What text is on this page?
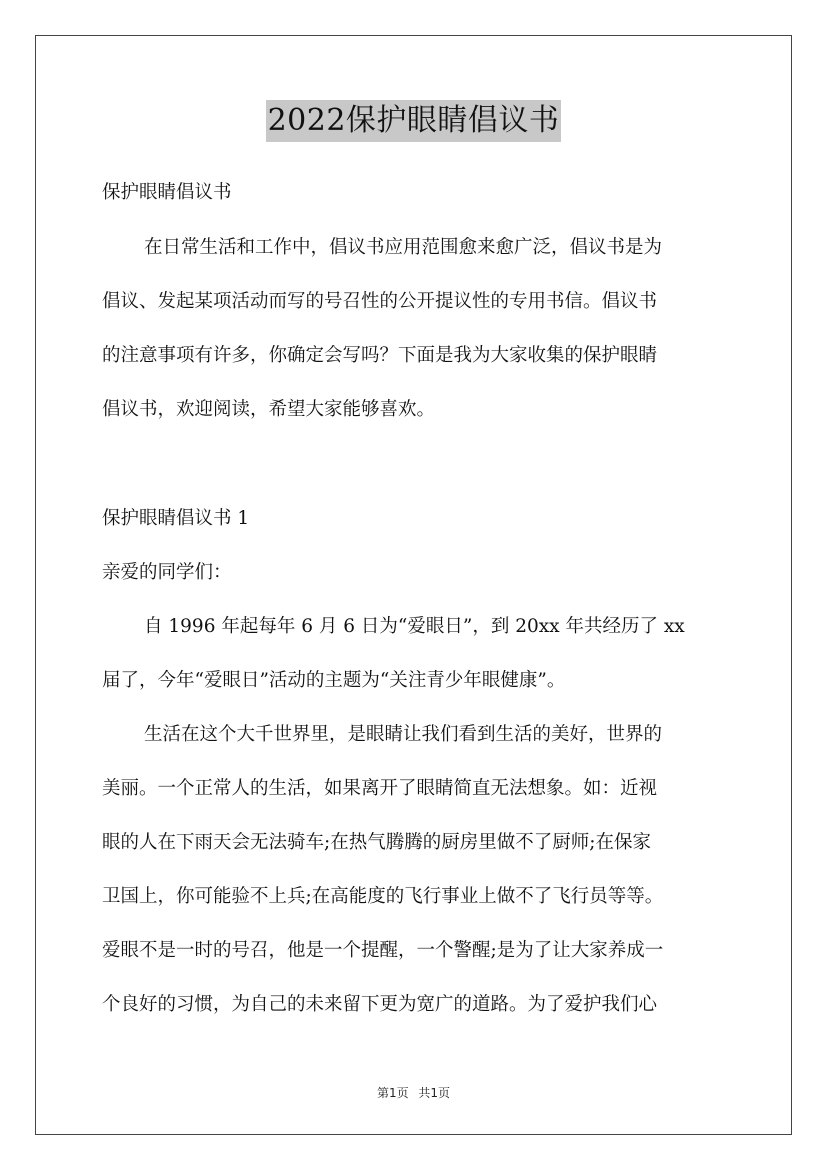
2022保护眼睛倡议书
保护眼睛倡议书
在日常生活和工作中，倡议书应用范围愈来愈广泛，倡议书是为
倡议、发起某项活动而写的号召性的公开提议性的专用书信。倡议书
的注意事项有许多，你确定会写吗？下面是我为大家收集的保护眼睛
倡议书，欢迎阅读，希望大家能够喜欢。
保护眼睛倡议书 1
亲爱的同学们：
自 1996 年起每年 6 月 6 日为“爱眼日”，到 20xx 年共经历了 xx
届了，今年“爱眼日”活动的主题为“关注青少年眼健康”。
生活在这个大千世界里，是眼睛让我们看到生活的美好，世界的
美丽。一个正常人的生活，如果离开了眼睛简直无法想象。如：近视
眼的人在下雨天会无法骑车;在热气腾腾的厨房里做不了厨师;在保家
卫国上，你可能验不上兵;在高能度的飞行事业上做不了飞行员等等。
爱眼不是一时的号召，他是一个提醒，一个警醒;是为了让大家养成一
个良好的习惯，为自己的未来留下更为宽广的道路。为了爱护我们心
第1页 共1页
